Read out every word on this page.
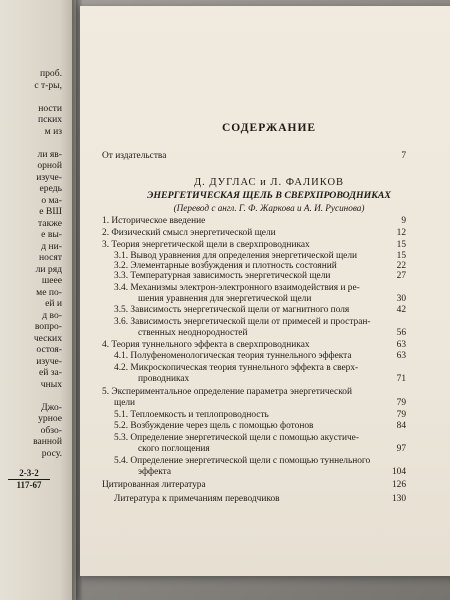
проб.
с т-ры,
ности
пских
м из
ли яв-
орной
изуче-
ередь
о ма-
е ВШ
также
е вы-
д ни-
носят
ли ряд
шеее
ме по-
ей и
д во-
вопро-
ческих
остоя-
изуче-
ей за-
чных
Джо-
урное
обзо-
ванной
росу.
2-3-2
117-67
СОДЕРЖАНИЕ
От издательства	7
Д. ДУГЛАС и Л. ФАЛИКОВ
ЭНЕРГЕТИЧЕСКАЯ ЩЕЛЬ В СВЕРХПРОВОДНИКАХ
(Перевод с англ. Г. Ф. Жаркова и А. И. Русинова)
1. Историческое введение	9
2. Физический смысл энергетической щели	12
3. Теория энергетической щели в сверхпроводниках	15
3.1. Вывод уравнения для определения энергетической щели	15
3.2. Элементарные возбуждения и плотность состояний	22
3.3. Температурная зависимость энергетической щели	27
3.4. Механизмы электрон-электронного взаимодействия и ре-
шения уравнения для энергетической щели	30
3.5. Зависимость энергетической щели от магнитного поля	42
3.6. Зависимость энергетической щели от примесей и простран-
ственных неоднородностей	56
4. Теория туннельного эффекта в сверхпроводниках	63
4.1. Полуфеноменологическая теория туннельного эффекта	63
4.2. Микроскопическая теория туннельного эффекта в сверх-
проводниках	71
5. Экспериментальное определение параметра энергетической
щели	79
5.1. Теплоемкость и теплопроводность	79
5.2. Возбуждение через щель с помощью фотонов	84
5.3. Определение энергетической щели с помощью акустиче-
ского поглощения	97
5.4. Определение энергетической щели с помощью туннельного
эффекта	104
Цитированная литература	126
Литература к примечаниям переводчиков	130
